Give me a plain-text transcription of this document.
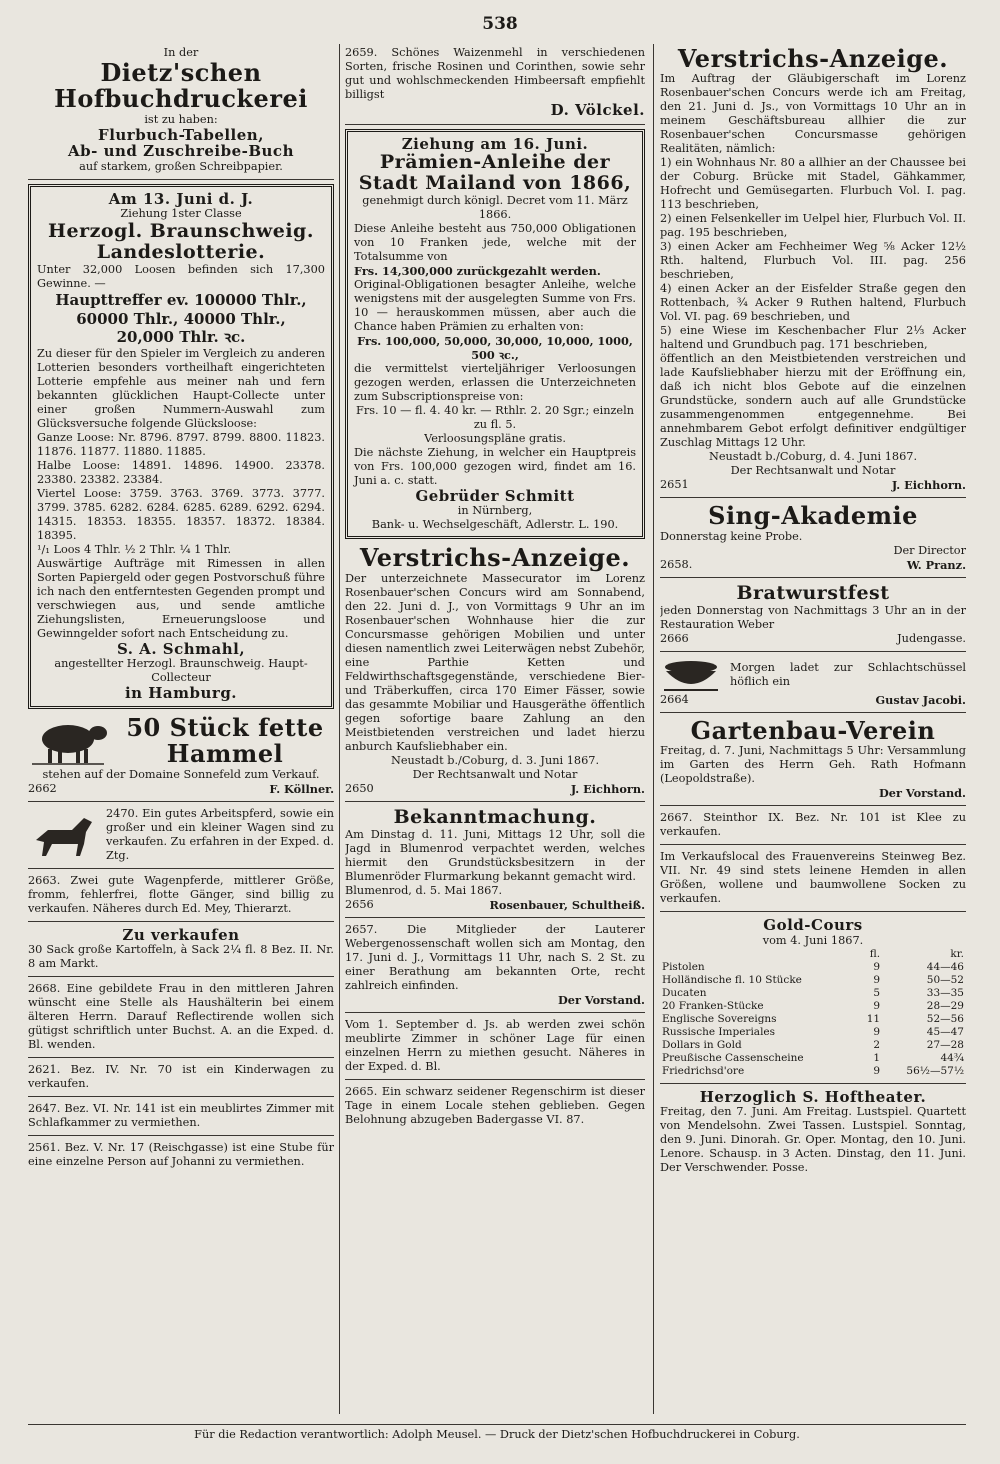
538
In der
Dietz'schen Hofbuchdruckerei
ist zu haben:
Flurbuch-Tabellen,
Ab- und Zuschreibe-Buch
auf starkem, großen Schreibpapier.
Am 13. Juni d. J.
Ziehung 1ster Classe
Herzogl. Braunschweig.
Landeslotterie.
Unter 32,000 Loosen befinden sich 17,300 Gewinne. —
Haupttreffer ev. 100000 Thlr.,
60000 Thlr., 40000 Thlr.,
20,000 Thlr. ꝛc.
Zu dieser für den Spieler im Vergleich zu anderen Lotterien besonders vortheilhaft eingerichteten Lotterie empfehle aus meiner nah und fern bekannten glücklichen Haupt-Collecte unter einer großen Nummern-Auswahl zum Glücksversuche folgende Glücksloose:
Ganze Loose: Nr. 8796. 8797. 8799. 8800. 11823. 11876. 11877. 11880. 11885.
Halbe Loose: 14891. 14896. 14900. 23378. 23380. 23382. 23384.
Viertel Loose: 3759. 3763. 3769. 3773. 3777. 3799. 3785. 6282. 6284. 6285. 6289. 6292. 6294. 14315. 18353. 18355. 18357. 18372. 18384. 18395.
¹/₁ Loos 4 Thlr. ½ 2 Thlr. ¼ 1 Thlr.
Auswärtige Aufträge mit Rimessen in allen Sorten Papiergeld oder gegen Postvorschuß führe ich nach den entferntesten Gegenden prompt und verschwiegen aus, und sende amtliche Ziehungslisten, Erneuerungsloose und Gewinngelder sofort nach Entscheidung zu.
S. A. Schmahl,
angestellter Herzogl. Braunschweig. Haupt-Collecteur
in Hamburg.
50 Stück fette Hammel
stehen auf der Domaine Sonnefeld zum Verkauf.
2662	F. Köllner.
2470. Ein gutes Arbeitspferd, sowie ein großer und ein kleiner Wagen sind zu verkaufen. Zu erfahren in der Exped. d. Ztg.
2663. Zwei gute Wagenpferde, mittlerer Größe, fromm, fehlerfrei, flotte Gänger, sind billig zu verkaufen. Näheres durch Ed. Mey, Thierarzt.
Zu verkaufen
30 Sack große Kartoffeln, à Sack 2¼ fl. 8 Bez. II. Nr. 8 am Markt.
2668. Eine gebildete Frau in den mittleren Jahren wünscht eine Stelle als Haushälterin bei einem älteren Herrn. Darauf Reflectirende wollen sich gütigst schriftlich unter Buchst. A. an die Exped. d. Bl. wenden.
2621. Bez. IV. Nr. 70 ist ein Kinderwagen zu verkaufen.
2647. Bez. VI. Nr. 141 ist ein meublirtes Zimmer mit Schlafkammer zu vermiethen.
2561. Bez. V. Nr. 17 (Reischgasse) ist eine Stube für eine einzelne Person auf Johanni zu vermiethen.
2659. Schönes Waizenmehl in verschiedenen Sorten, frische Rosinen und Corinthen, sowie sehr gut und wohlschmeckenden Himbeersaft empfiehlt billigst
D. Völckel.
Ziehung am 16. Juni.
Prämien-Anleihe der
Stadt Mailand von 1866,
genehmigt durch königl. Decret vom 11. März 1866.
Diese Anleihe besteht aus 750,000 Obligationen von 10 Franken jede, welche mit der Totalsumme von
Frs. 14,300,000 zurückgezahlt werden.
Original-Obligationen besagter Anleihe, welche wenigstens mit der ausgelegten Summe von Frs. 10 — herauskommen müssen, aber auch die Chance haben Prämien zu erhalten von:
Frs. 100,000, 50,000, 30,000, 10,000, 1000, 500 ꝛc.,
die vermittelst vierteljähriger Verloosungen gezogen werden, erlassen die Unterzeichneten zum Subscriptionspreise von:
Frs. 10 — fl. 4. 40 kr. — Rthlr. 2. 20 Sgr.; einzeln zu fl. 5.
Verloosungspläne gratis.
Die nächste Ziehung, in welcher ein Hauptpreis von Frs. 100,000 gezogen wird, findet am 16. Juni a. c. statt.
Gebrüder Schmitt
in Nürnberg,
Bank- u. Wechselgeschäft, Adlerstr. L. 190.
Verstrichs-Anzeige.
Der unterzeichnete Massecurator im Lorenz Rosenbauer'schen Concurs wird am Sonnabend, den 22. Juni d. J., von Vormittags 9 Uhr an im Rosenbauer'schen Wohnhause hier die zur Concursmasse gehörigen Mobilien und unter diesen namentlich zwei Leiterwägen nebst Zubehör, eine Parthie Ketten und Feldwirthschaftsgegenstände, verschiedene Bier- und Träberkuffen, circa 170 Eimer Fässer, sowie das gesammte Mobiliar und Hausgeräthe öffentlich gegen sofortige baare Zahlung an den Meistbietenden verstreichen und ladet hierzu anburch Kaufsliebhaber ein.
Neustadt b./Coburg, d. 3. Juni 1867.
Der Rechtsanwalt und Notar
2650	J. Eichhorn.
Bekanntmachung.
Am Dinstag d. 11. Juni, Mittags 12 Uhr, soll die Jagd in Blumenrod verpachtet werden, welches hiermit den Grundstücksbesitzern in der Blumenröder Flurmarkung bekannt gemacht wird.
Blumenrod, d. 5. Mai 1867.
2656	Rosenbauer, Schultheiß.
2657. Die Mitglieder der Lauterer Webergenossenschaft wollen sich am Montag, den 17. Juni d. J., Vormittags 11 Uhr, nach S. 2 St. zu einer Berathung am bekannten Orte, recht zahlreich einfinden.
Der Vorstand.
Vom 1. September d. Js. ab werden zwei schön meublirte Zimmer in schöner Lage für einen einzelnen Herrn zu miethen gesucht. Näheres in der Exped. d. Bl.
2665. Ein schwarz seidener Regenschirm ist dieser Tage in einem Locale stehen geblieben. Gegen Belohnung abzugeben Badergasse VI. 87.
Verstrichs-Anzeige.
Im Auftrag der Gläubigerschaft im Lorenz Rosenbauer'schen Concurs werde ich am Freitag, den 21. Juni d. Js., von Vormittags 10 Uhr an in meinem Geschäftsbureau allhier die zur Rosenbauer'schen Concursmasse gehörigen Realitäten, nämlich:
1) ein Wohnhaus Nr. 80 a allhier an der Chaussee bei der Coburg. Brücke mit Stadel, Gähkammer, Hofrecht und Gemüsegarten. Flurbuch Vol. I. pag. 113 beschrieben,
2) einen Felsenkeller im Uelpel hier, Flurbuch Vol. II. pag. 195 beschrieben,
3) einen Acker am Fechheimer Weg ⁵⁄₈ Acker 12½ Rth. haltend, Flurbuch Vol. III. pag. 256 beschrieben,
4) einen Acker an der Eisfelder Straße gegen den Rottenbach, ¾ Acker 9 Ruthen haltend, Flurbuch Vol. VI. pag. 69 beschrieben, und
5) eine Wiese im Keschenbacher Flur 2⅓ Acker haltend und Grundbuch pag. 171 beschrieben,
öffentlich an den Meistbietenden verstreichen und lade Kaufsliebhaber hierzu mit der Eröffnung ein, daß ich nicht blos Gebote auf die einzelnen Grundstücke, sondern auch auf alle Grundstücke zusammengenommen entgegennehme. Bei annehmbarem Gebot erfolgt definitiver endgültiger Zuschlag Mittags 12 Uhr.
Neustadt b./Coburg, d. 4. Juni 1867.
Der Rechtsanwalt und Notar
2651	J. Eichhorn.
Sing-Akademie
Donnerstag keine Probe.
Der Director
2658.	W. Pranz.
Bratwurstfest
jeden Donnerstag von Nachmittags 3 Uhr an in der Restauration Weber
2666	Judengasse.
Morgen ladet zur Schlachtschüssel höflich ein
2664	Gustav Jacobi.
Gartenbau-Verein
Freitag, d. 7. Juni, Nachmittags 5 Uhr: Versammlung im Garten des Herrn Geh. Rath Hofmann (Leopoldstraße).
Der Vorstand.
2667. Steinthor IX. Bez. Nr. 101 ist Klee zu verkaufen.
Im Verkaufslocal des Frauenvereins Steinweg Bez. VII. Nr. 49 sind stets leinene Hemden in allen Größen, wollene und baumwollene Socken zu verkaufen.
Gold-Cours
vom 4. Juni 1867.
	fl.	kr.
Pistolen	9	44—46
Holländische fl. 10 Stücke	9	50—52
Ducaten	5	33—35
20 Franken-Stücke	9	28—29
Englische Sovereigns	11	52—56
Russische Imperiales	9	45—47
Dollars in Gold	2	27—28
Preußische Cassenscheine	1	44¾
Friedrichsd'ore	9	56½—57½
Herzoglich S. Hoftheater.
Freitag, den 7. Juni. Am Freitag. Lustspiel. Quartett von Mendelsohn. Zwei Tassen. Lustspiel. Sonntag, den 9. Juni. Dinorah. Gr. Oper. Montag, den 10. Juni. Lenore. Schausp. in 3 Acten. Dinstag, den 11. Juni. Der Verschwender. Posse.
Für die Redaction verantwortlich: Adolph Meusel. — Druck der Dietz'schen Hofbuchdruckerei in Coburg.
